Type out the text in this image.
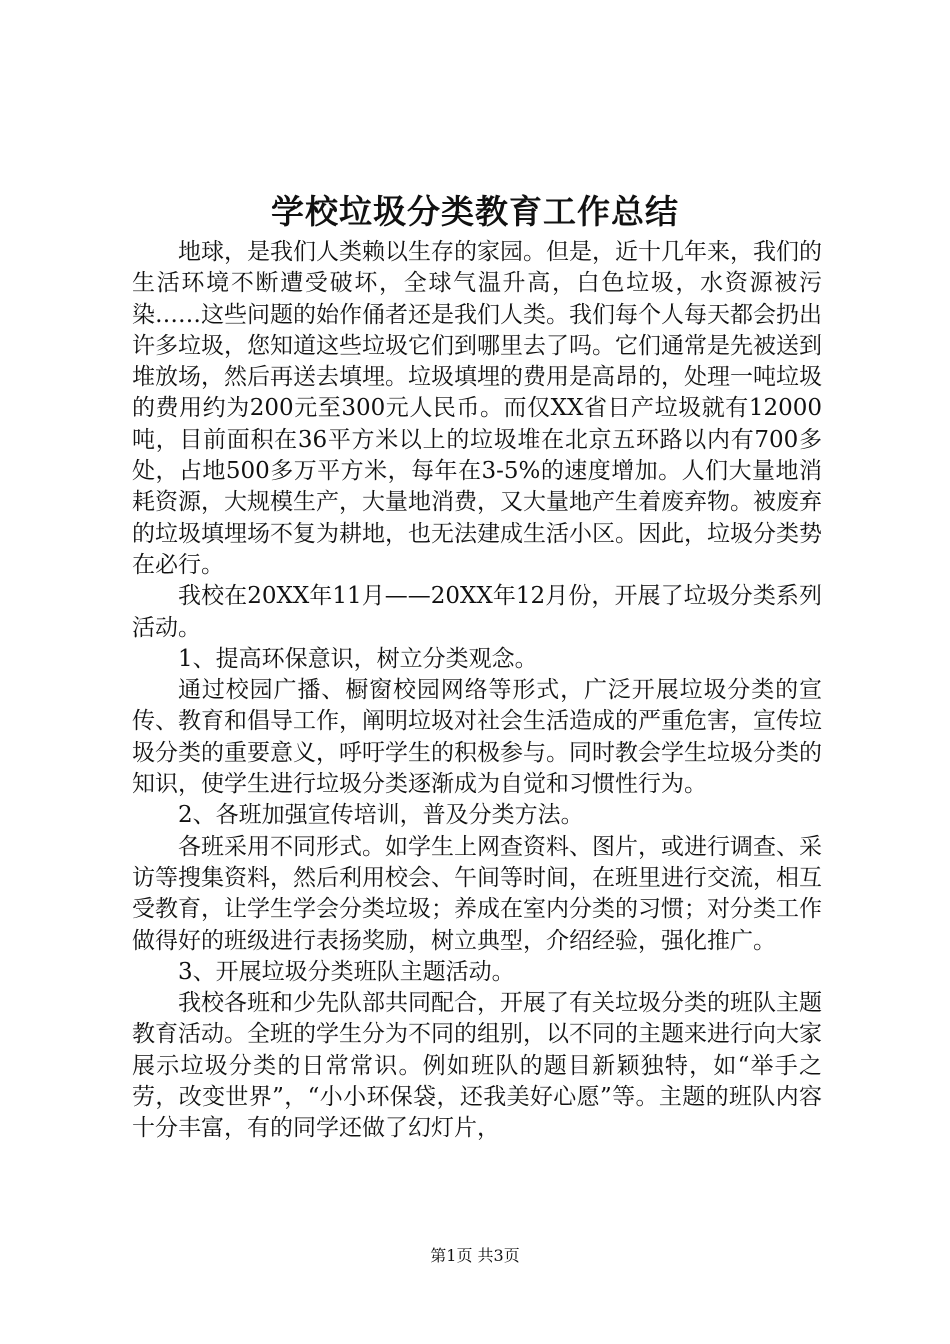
学校垃圾分类教育工作总结

地球，是我们人类赖以生存的家园。但是，近十几年来，我们的生活环境不断遭受破坏，全球气温升高，白色垃圾，水资源被污染……这些问题的始作俑者还是我们人类。我们每个人每天都会扔出许多垃圾，您知道这些垃圾它们到哪里去了吗。它们通常是先被送到堆放场，然后再送去填埋。垃圾填埋的费用是高昂的，处理一吨垃圾的费用约为200元至300元人民币。而仅XX省日产垃圾就有12000吨，目前面积在36平方米以上的垃圾堆在北京五环路以内有700多处，占地500多万平方米，每年在3-5%的速度增加。人们大量地消耗资源，大规模生产，大量地消费，又大量地产生着废弃物。被废弃的垃圾填埋场不复为耕地，也无法建成生活小区。因此，垃圾分类势在必行。

我校在20XX年11月——20XX年12月份，开展了垃圾分类系列活动。

1、提高环保意识，树立分类观念。

通过校园广播、橱窗校园网络等形式，广泛开展垃圾分类的宣传、教育和倡导工作，阐明垃圾对社会生活造成的严重危害，宣传垃圾分类的重要意义，呼吁学生的积极参与。同时教会学生垃圾分类的知识，使学生进行垃圾分类逐渐成为自觉和习惯性行为。

2、各班加强宣传培训，普及分类方法。

各班采用不同形式。如学生上网查资料、图片，或进行调查、采访等搜集资料，然后利用校会、午间等时间，在班里进行交流，相互受教育，让学生学会分类垃圾；养成在室内分类的习惯；对分类工作做得好的班级进行表扬奖励，树立典型，介绍经验，强化推广。

3、开展垃圾分类班队主题活动。

我校各班和少先队部共同配合，开展了有关垃圾分类的班队主题教育活动。全班的学生分为不同的组别，以不同的主题来进行向大家展示垃圾分类的日常常识。例如班队的题目新颖独特，如“举手之劳，改变世界”，“小小环保袋，还我美好心愿”等。主题的班队内容十分丰富，有的同学还做了幻灯片，

第1页 共3页
